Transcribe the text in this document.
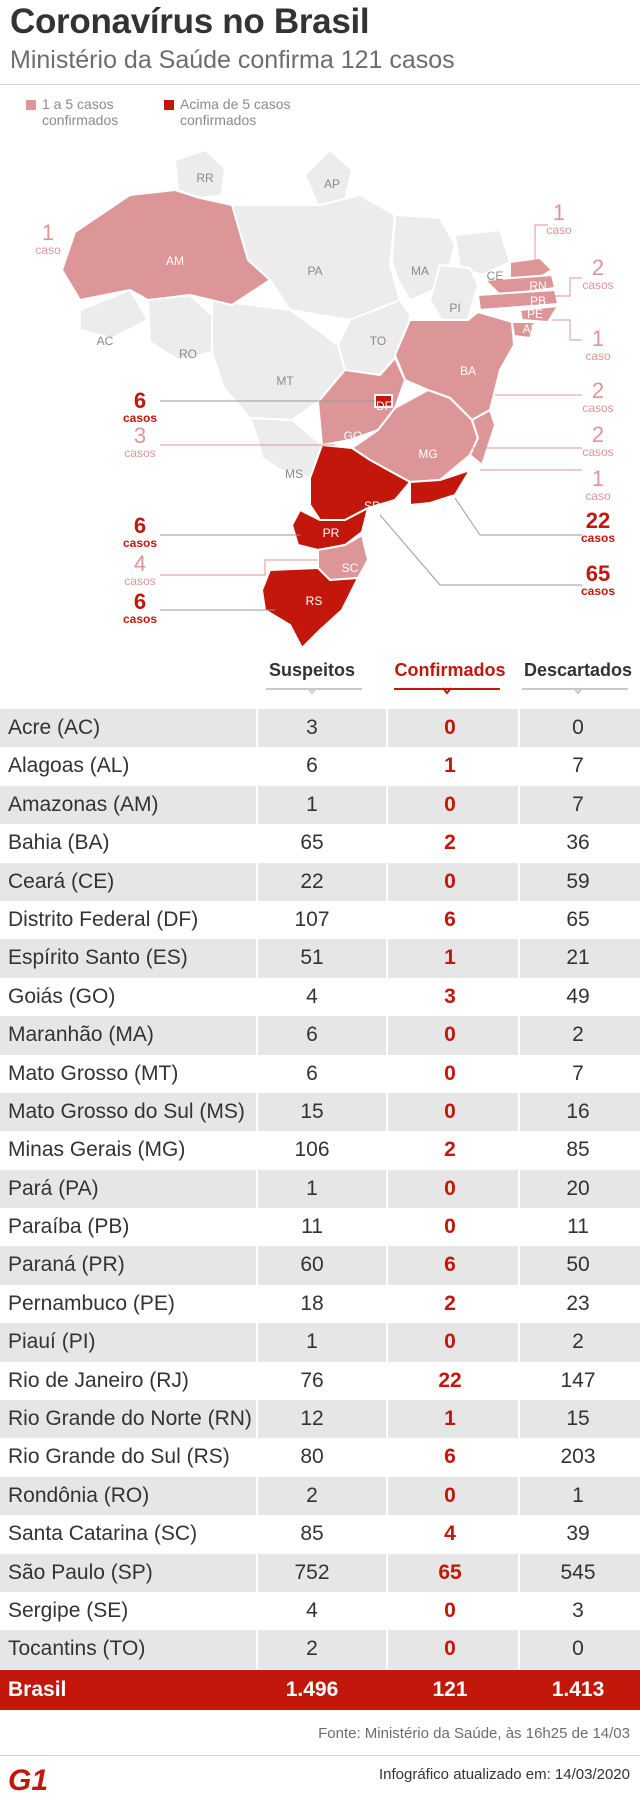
Coronavírus no Brasil
Ministério da Saúde confirma 121 casos
1 a 5 casos confirmados
Acima de 5 casos confirmados
RR	AP
PA	MA	CE
PI
TO
AC
RO
MT
MS
AM
RN
PB
PE
AL
SE
BA
DF
GO
MG
ES
SP	RJ
PR
SC
RS
1
caso
1
caso
2
casos
1
caso
2
casos
2
casos
1
caso
22
casos
65
casos
6
casos
3
casos
6
casos
4
casos
6
casos
Suspeitos	Confirmados	Descartados
Acre (AC)	3	0	0
Alagoas (AL)	6	1	7
Amazonas (AM)	1	0	7
Bahia (BA)	65	2	36
Ceará (CE)	22	0	59
Distrito Federal (DF)	107	6	65
Espírito Santo (ES)	51	1	21
Goiás (GO)	4	3	49
Maranhão (MA)	6	0	2
Mato Grosso (MT)	6	0	7
Mato Grosso do Sul (MS)	15	0	16
Minas Gerais (MG)	106	2	85
Pará (PA)	1	0	20
Paraíba (PB)	11	0	11
Paraná (PR)	60	6	50
Pernambuco (PE)	18	2	23
Piauí (PI)	1	0	2
Rio de Janeiro (RJ)	76	22	147
Rio Grande do Norte (RN)	12	1	15
Rio Grande do Sul (RS)	80	6	203
Rondônia (RO)	2	0	1
Santa Catarina (SC)	85	4	39
São Paulo (SP)	752	65	545
Sergipe (SE)	4	0	3
Tocantins (TO)	2	0	0
Brasil	1.496	121	1.413
Fonte: Ministério da Saúde, às 16h25 de 14/03
G1	Infográfico atualizado em: 14/03/2020
